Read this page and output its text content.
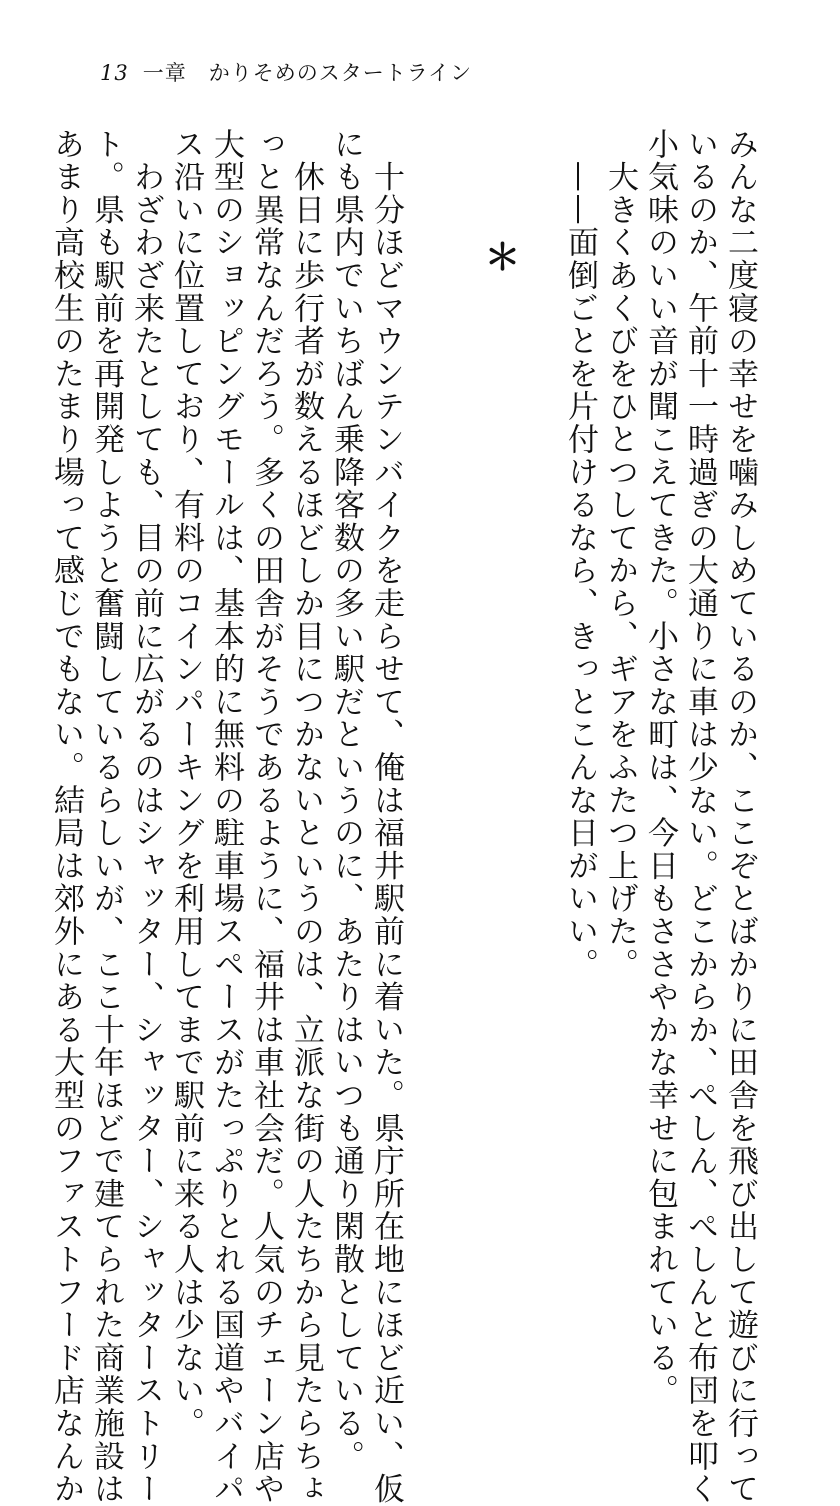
13 一章　かりそめのスタートライン
みんな二度寝の幸せを噛みしめているのか、ここぞとばかりに田舎を飛び出して遊びに行って
いるのか、午前十一時過ぎの大通りに車は少ない。どこからか、ぺしん、ぺしんと布団を叩く
小気味のいい音が聞こえてきた。小さな町は、今日もささやかな幸せに包まれている。
　大きくあくびをひとつしてから、ギアをふたつ上げた。
　——面倒ごとを片付けるなら、きっとこんな日がいい。
＊
　十分ほどマウンテンバイクを走らせて、俺は福井駅前に着いた。県庁所在地にほど近い、仮
にも県内でいちばん乗降客数の多い駅だというのに、あたりはいつも通り閑散としている。
　休日に歩行者が数えるほどしか目につかないというのは、立派な街の人たちから見たらちょ
っと異常なんだろう。多くの田舎がそうであるように、福井は車社会だ。人気のチェーン店や
大型のショッピングモールは、基本的に無料の駐車場スペースがたっぷりとれる国道やバイパ
ス沿いに位置しており、有料のコインパーキングを利用してまで駅前に来る人は少ない。
　わざわざ来たとしても、目の前に広がるのはシャッター、シャッター、シャッターストリー
ト。県も駅前を再開発しようと奮闘しているらしいが、ここ十年ほどで建てられた商業施設は
あまり高校生のたまり場って感じでもない。結局は郊外にある大型のファストフード店なんか
